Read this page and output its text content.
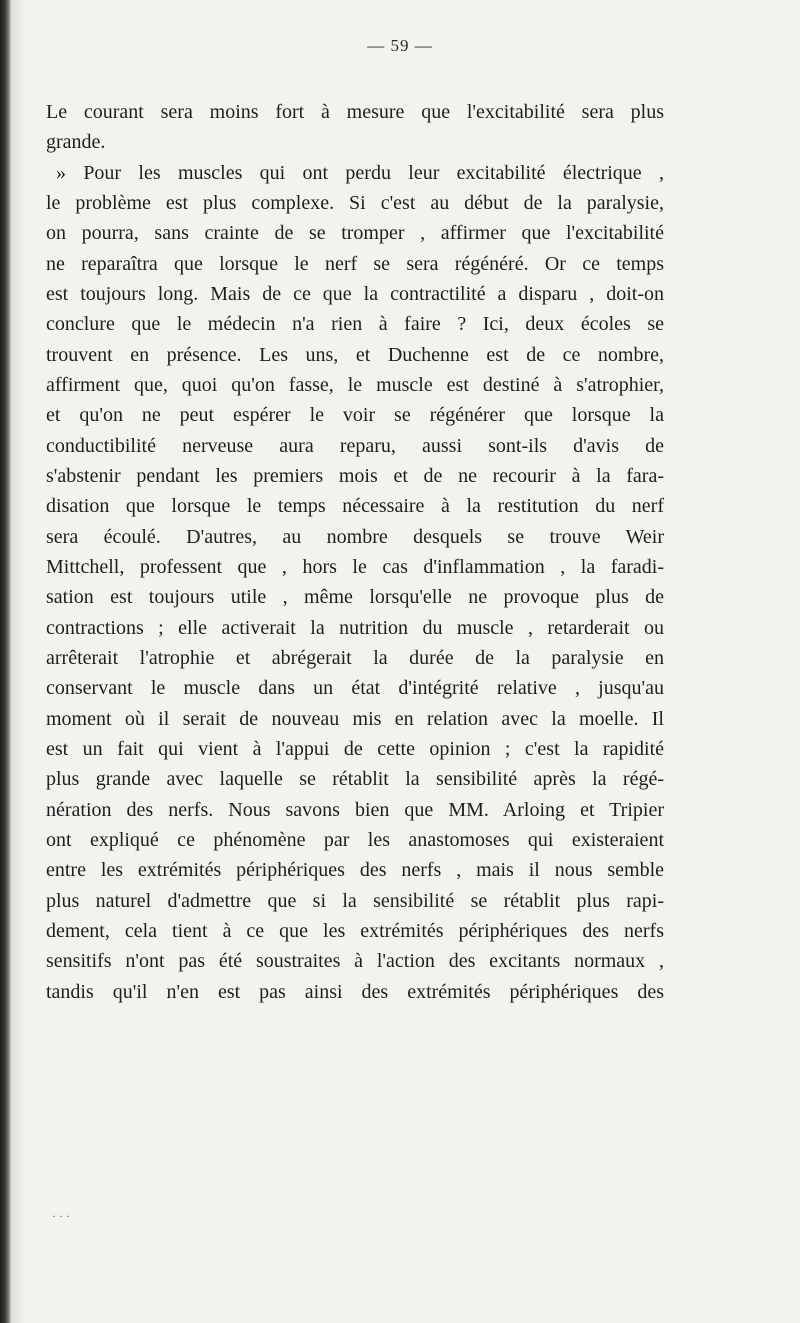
— 59 —
Le courant sera moins fort à mesure que l'excitabilité sera plus
grande.
» Pour les muscles qui ont perdu leur excitabilité électrique ,
le problème est plus complexe. Si c'est au début de la paralysie,
on pourra, sans crainte de se tromper , affirmer que l'excitabilité
ne reparaîtra que lorsque le nerf se sera régénéré. Or ce temps
est toujours long. Mais de ce que la contractilité a disparu , doit-on
conclure que le médecin n'a rien à faire ? Ici, deux écoles se
trouvent en présence. Les uns, et Duchenne est de ce nombre,
affirment que, quoi qu'on fasse, le muscle est destiné à s'atrophier,
et qu'on ne peut espérer le voir se régénérer que lorsque la
conductibilité nerveuse aura reparu, aussi sont-ils d'avis de
s'abstenir pendant les premiers mois et de ne recourir à la fara-
disation que lorsque le temps nécessaire à la restitution du nerf
sera écoulé. D'autres, au nombre desquels se trouve Weir
Mittchell, professent que , hors le cas d'inflammation , la faradi-
sation est toujours utile , même lorsqu'elle ne provoque plus de
contractions ; elle activerait la nutrition du muscle , retarderait ou
arrêterait l'atrophie et abrégerait la durée de la paralysie en
conservant le muscle dans un état d'intégrité relative , jusqu'au
moment où il serait de nouveau mis en relation avec la moelle. Il
est un fait qui vient à l'appui de cette opinion ; c'est la rapidité
plus grande avec laquelle se rétablit la sensibilité après la régé-
nération des nerfs. Nous savons bien que MM. Arloing et Tripier
ont expliqué ce phénomène par les anastomoses qui existeraient
entre les extrémités périphériques des nerfs , mais il nous semble
plus naturel d'admettre que si la sensibilité se rétablit plus rapi-
dement, cela tient à ce que les extrémités périphériques des nerfs
sensitifs n'ont pas été soustraites à l'action des excitants normaux ,
tandis qu'il n'en est pas ainsi des extrémités périphériques des
· · ·
